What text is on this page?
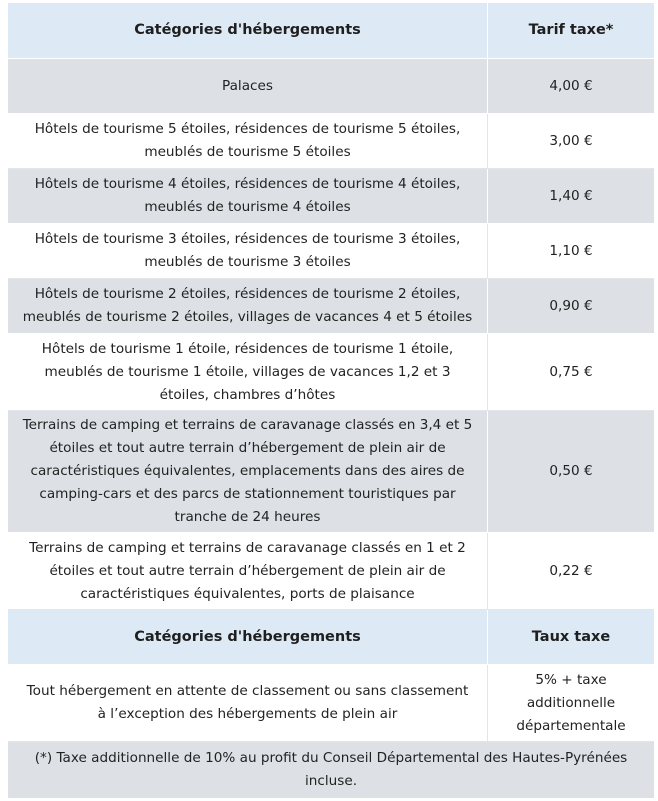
Catégories d'hébergements	Tarif taxe*
Palaces	4,00 €
Hôtels de tourisme 5 étoiles, résidences de tourisme 5 étoiles, meublés de tourisme 5 étoiles	3,00 €
Hôtels de tourisme 4 étoiles, résidences de tourisme 4 étoiles, meublés de tourisme 4 étoiles	1,40 €
Hôtels de tourisme 3 étoiles, résidences de tourisme 3 étoiles, meublés de tourisme 3 étoiles	1,10 €
Hôtels de tourisme 2 étoiles, résidences de tourisme 2 étoiles, meublés de tourisme 2 étoiles, villages de vacances 4 et 5 étoiles	0,90 €
Hôtels de tourisme 1 étoile, résidences de tourisme 1 étoile, meublés de tourisme 1 étoile, villages de vacances 1,2 et 3 étoiles, chambres d’hôtes	0,75 €
Terrains de camping et terrains de caravanage classés en 3,4 et 5 étoiles et tout autre terrain d’hébergement de plein air de caractéristiques équivalentes, emplacements dans des aires de camping-cars et des parcs de stationnement touristiques par tranche de 24 heures	0,50 €
Terrains de camping et terrains de caravanage classés en 1 et 2 étoiles et tout autre terrain d’hébergement de plein air de caractéristiques équivalentes, ports de plaisance	0,22 €
Catégories d'hébergements	Taux taxe
Tout hébergement en attente de classement ou sans classement à l’exception des hébergements de plein air	5% + taxe additionnelle départementale
(*) Taxe additionnelle de 10% au profit du Conseil Départemental des Hautes-Pyrénées incluse.	
